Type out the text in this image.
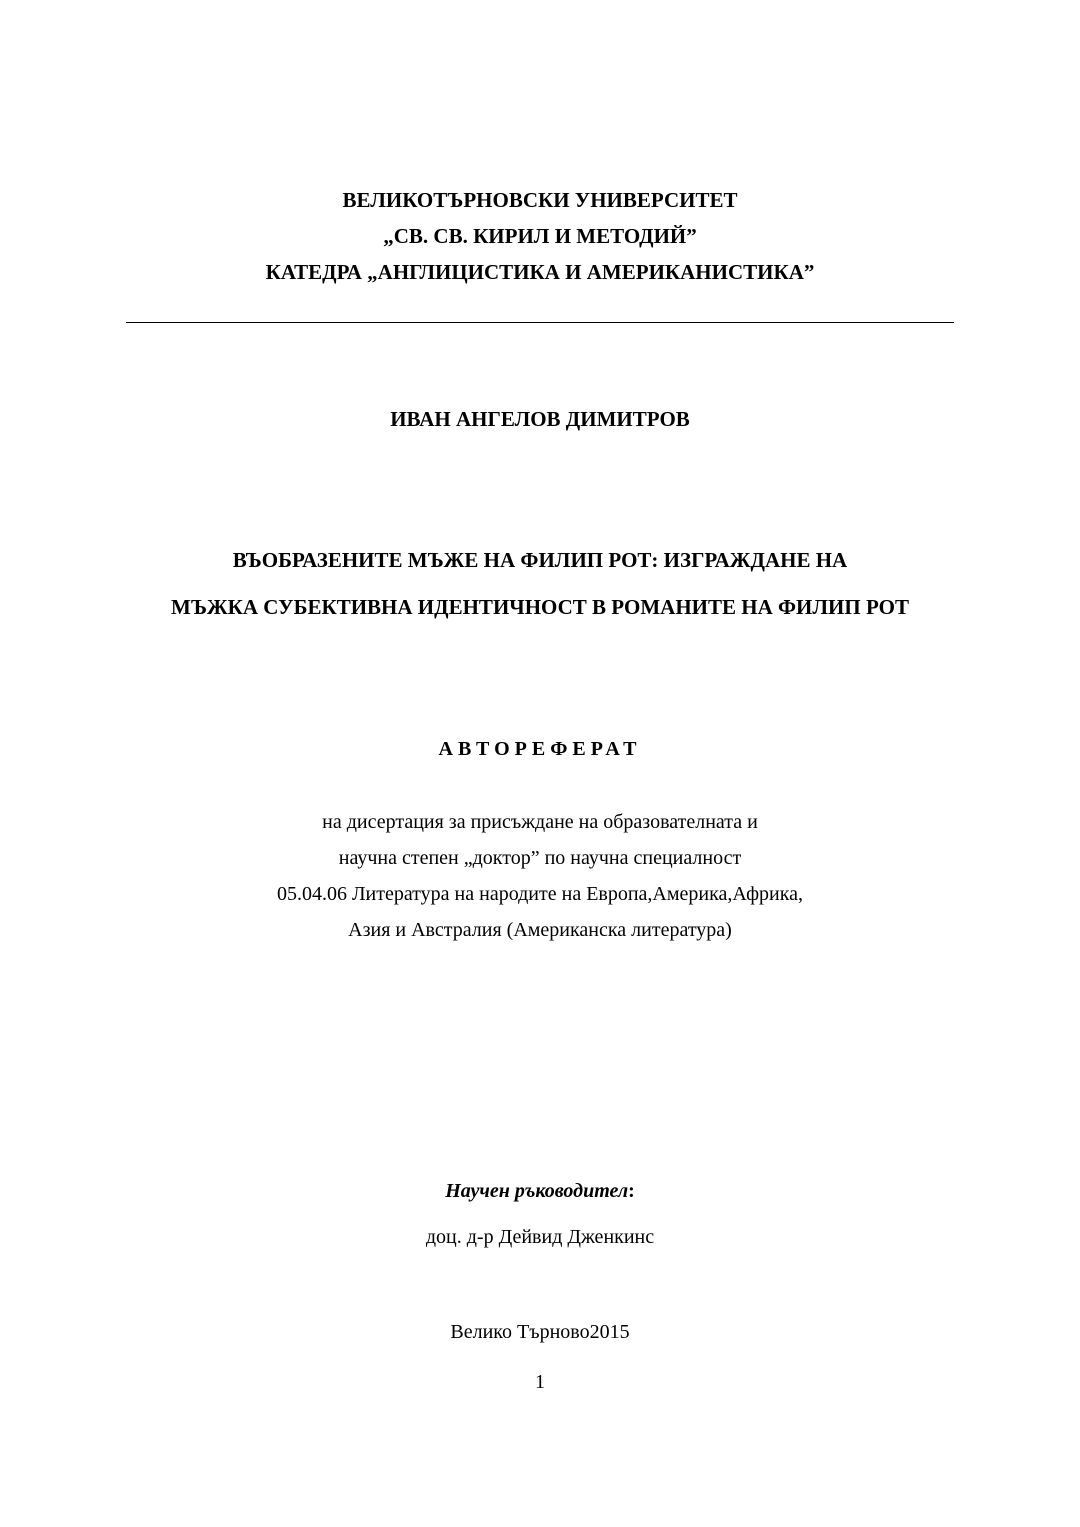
ВЕЛИКОТЪРНОВСКИ УНИВЕРСИТЕТ
„СВ. СВ. КИРИЛ И МЕТОДИЙ”
КАТЕДРА „АНГЛИЦИСТИКА И АМЕРИКАНИСТИКА”
ИВАН АНГЕЛОВ ДИМИТРОВ
ВЪОБРАЗЕНИТЕ МЪЖЕ НА ФИЛИП РОТ: ИЗГРАЖДАНЕ НА
МЪЖКА СУБЕКТИВНА ИДЕНТИЧНОСТ В РОМАНИТЕ НА ФИЛИП РОТ
АВТОРЕФЕРАТ
на дисертация за присъждане на образователната и
научна степен „доктор” по научна специалност
05.04.06 Литература на народите на Европа,Америка,Африка,
Азия и Австралия (Американска литература)
Научен ръководител:
доц. д-р Дейвид Дженкинс
Велико Търново2015
1
